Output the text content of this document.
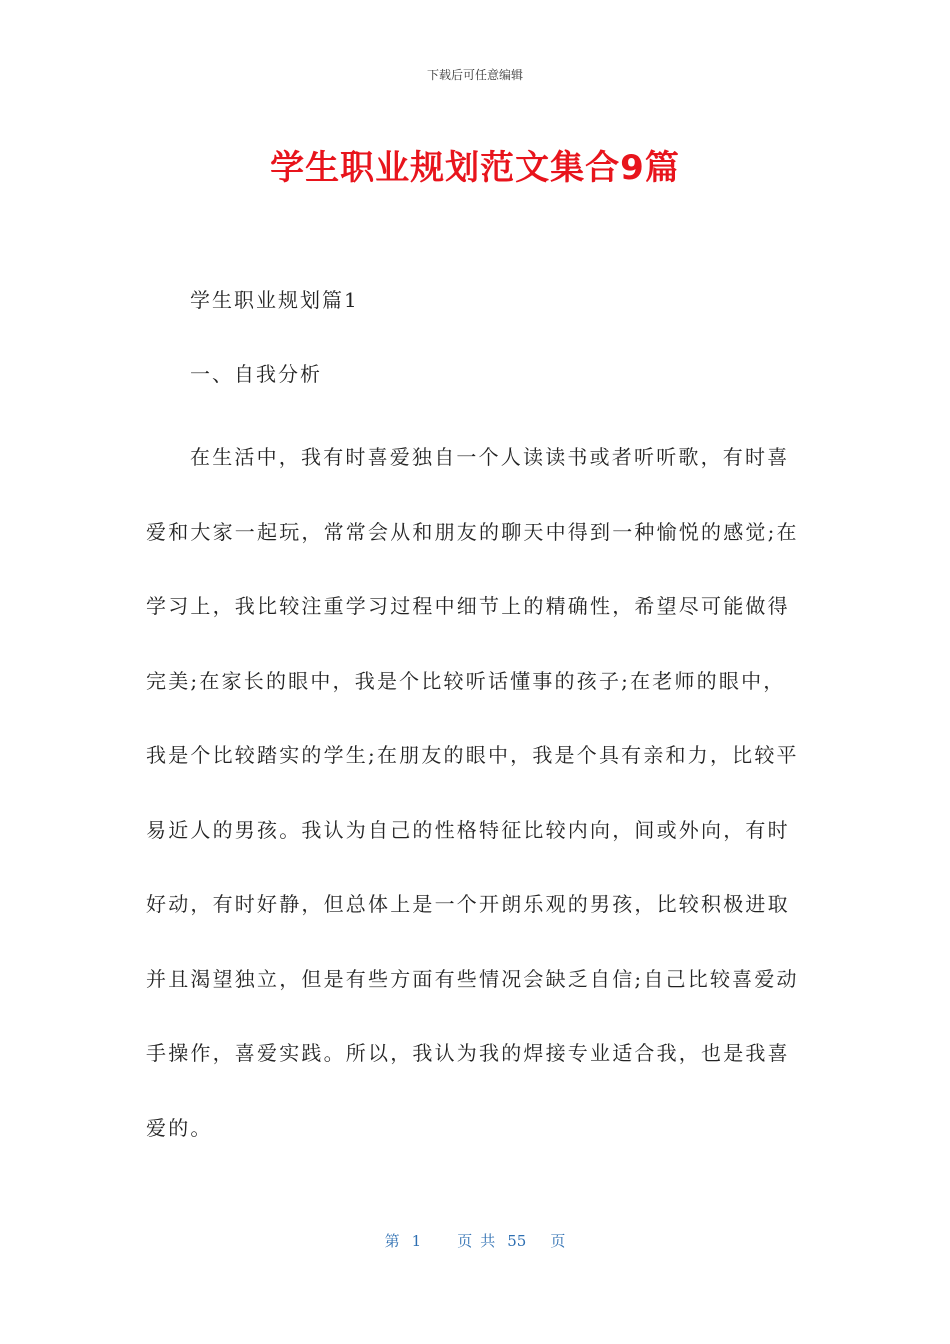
下载后可任意编辑
学生职业规划范文集合9篇
学生职业规划篇1
一、自我分析
在生活中，我有时喜爱独自一个人读读书或者听听歌，有时喜
爱和大家一起玩，常常会从和朋友的聊天中得到一种愉悦的感觉;在
学习上，我比较注重学习过程中细节上的精确性，希望尽可能做得
完美;在家长的眼中，我是个比较听话懂事的孩子;在老师的眼中，
我是个比较踏实的学生;在朋友的眼中，我是个具有亲和力，比较平
易近人的男孩。我认为自己的性格特征比较内向，间或外向，有时
好动，有时好静，但总体上是一个开朗乐观的男孩，比较积极进取
并且渴望独立，但是有些方面有些情况会缺乏自信;自己比较喜爱动
手操作，喜爱实践。所以，我认为我的焊接专业适合我，也是我喜
爱的。
第 1 页 共 55 页
